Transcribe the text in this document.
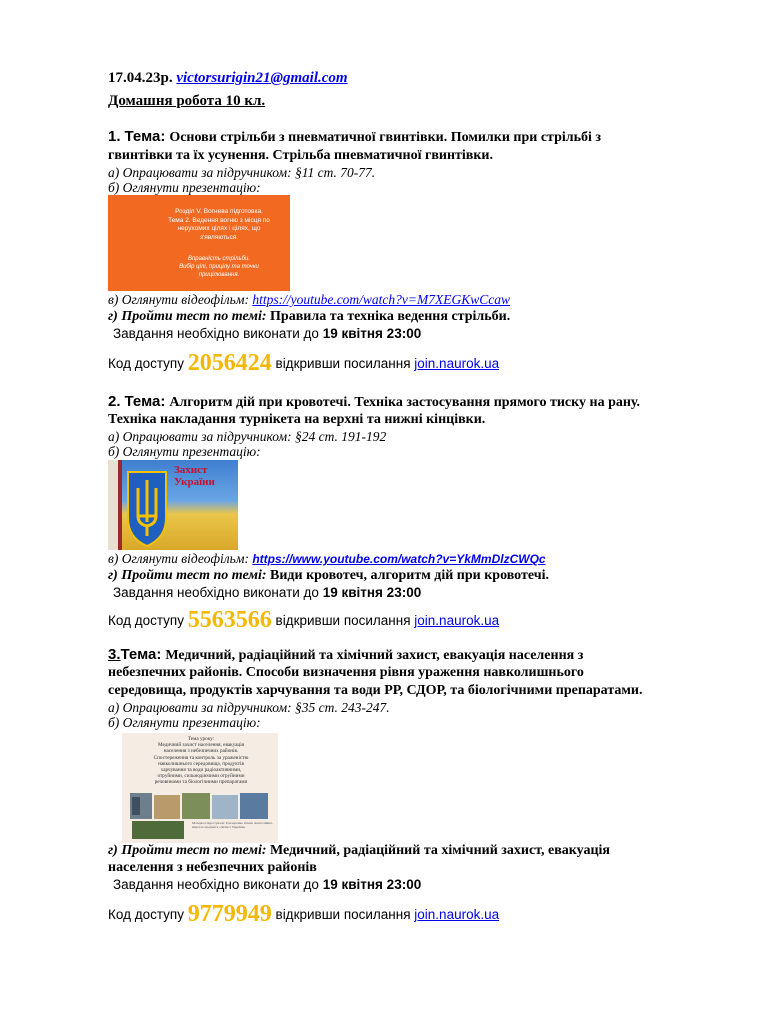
17.04.23р. victorsurigin21@gmail.com
Домашня робота 10 кл.
1. Тема: Основи стрільби з пневматичної гвинтівки. Помилки при стрільбі з
гвинтівки та їх усунення. Стрільба пневматичної гвинтівки.
а) Опрацювати за підручником: §11 ст. 70-77.
б) Оглянути презентацію:
Розділ V. Вогнева підготовка.
Тема 2. Ведення вогню з місця по
нерухомих цілях і цілях, що
з'являються.
Вправність стрільби.
Вибір цілі, прицілу та точки
прицілювання.
в) Оглянути відеофільм: https://youtube.com/watch?v=M7XEGKwCcaw
г) Пройти тест по темі: Правила та техніка ведення стрільби.
Завдання необхідно виконати до 19 квітня 23:00
Код доступу 2056424 відкривши посилання join.naurok.ua
2. Тема: Алгоритм дій при кровотечі. Техніка застосування прямого тиску на рану.
Техніка накладання турнікета на верхні та нижні кінцівки.
а) Опрацювати за підручником: §24 ст. 191-192
б) Оглянути презентацію:
Захист
України
в) Оглянути відеофільм: https://www.youtube.com/watch?v=YkMmDlzCWQc
г) Пройти тест по темі: Види кровотеч, алгоритм дій при кровотечі.
Завдання необхідно виконати до 19 квітня 23:00
Код доступу 5563566 відкривши посилання join.naurok.ua
3.Тема: Медичний, радіаційний та хімічний захист, евакуація населення з
небезпечних районів. Способи визначення рівня ураження навколишнього
середовища, продуктів харчування та води РР, СДОР, та біологічними препаратами.
а) Опрацювати за підручником: §35 ст. 243-247.
б) Оглянути презентацію:
Тема уроку:
Медичний захист населення, евакуація
населення з небезпечних районів.
Спостереження та контроль за ураженістю
навколишнього середовища, продуктів
харчування та води радіоактивними,
отруйними, сильнодіючими отруйними
речовинами та біологічними препаратами
Матеріал підготувала: Гончаренко Олена Анатоліївна, вчитель предмета «Захист України»
г) Пройти тест по темі: Медичний, радіаційний та хімічний захист, евакуація
населення з небезпечних районів
Завдання необхідно виконати до 19 квітня 23:00
Код доступу 9779949 відкривши посилання join.naurok.ua
